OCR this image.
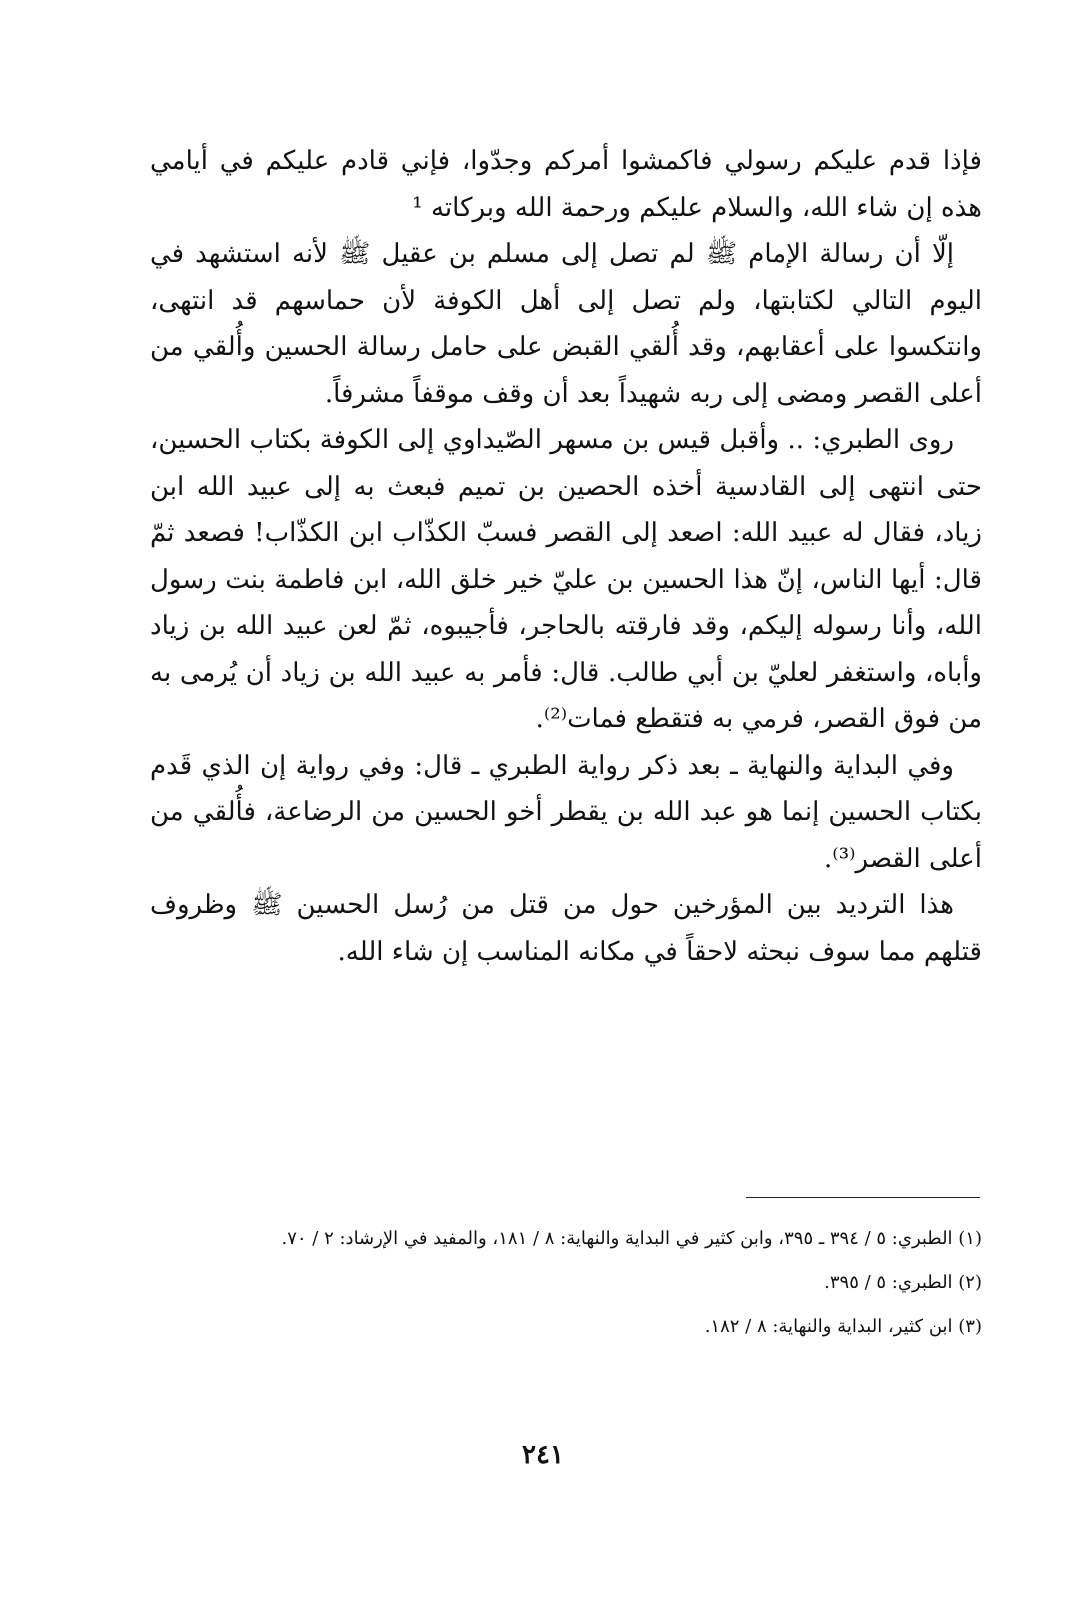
فإذا قدم عليكم رسولي فاكمشوا أمركم وجدّوا، فإني قادم عليكم في أيامي هذه إن شاء الله، والسلام عليكم ورحمة الله وبركاته ¹

إلّا أن رسالة الإمام ﷺ لم تصل إلى مسلم بن عقيل ﷺ لأنه استشهد في اليوم التالي لكتابتها، ولم تصل إلى أهل الكوفة لأن حماسهم قد انتهى، وانتكسوا على أعقابهم، وقد أُلقي القبض على حامل رسالة الحسين وأُلقي من أعلى القصر ومضى إلى ربه شهيداً بعد أن وقف موقفاً مشرفاً.

روى الطبري: .. وأقبل قيس بن مسهر الصّيداوي إلى الكوفة بكتاب الحسين، حتى انتهى إلى القادسية أخذه الحصين بن تميم فبعث به إلى عبيد الله ابن زياد، فقال له عبيد الله: اصعد إلى القصر فسبّ الكذّاب ابن الكذّاب! فصعد ثمّ قال: أيها الناس، إنّ هذا الحسين بن عليّ خير خلق الله، ابن فاطمة بنت رسول الله، وأنا رسوله إليكم، وقد فارقته بالحاجر، فأجيبوه، ثمّ لعن عبيد الله بن زياد وأباه، واستغفر لعليّ بن أبي طالب. قال: فأمر به عبيد الله بن زياد أن يُرمى به من فوق القصر، فرمي به فتقطع فمات⁽²⁾.

وفي البداية والنهاية ـ بعد ذكر رواية الطبري ـ قال: وفي رواية إن الذي قَدم بكتاب الحسين إنما هو عبد الله بن يقطر أخو الحسين من الرضاعة، فأُلقي من أعلى القصر⁽³⁾.

هذا الترديد بين المؤرخين حول من قتل من رُسل الحسين ﷺ وظروف قتلهم مما سوف نبحثه لاحقاً في مكانه المناسب إن شاء الله.

(١) الطبري: ٥ / ٣٩٤ ـ ٣٩٥، وابن كثير في البداية والنهاية: ٨ / ١٨١، والمفيد في الإرشاد: ٢ / ٧٠.

(٢) الطبري: ٥ / ٣٩٥.

(٣) ابن كثير، البداية والنهاية: ٨ / ١٨٢.

٢٤١
